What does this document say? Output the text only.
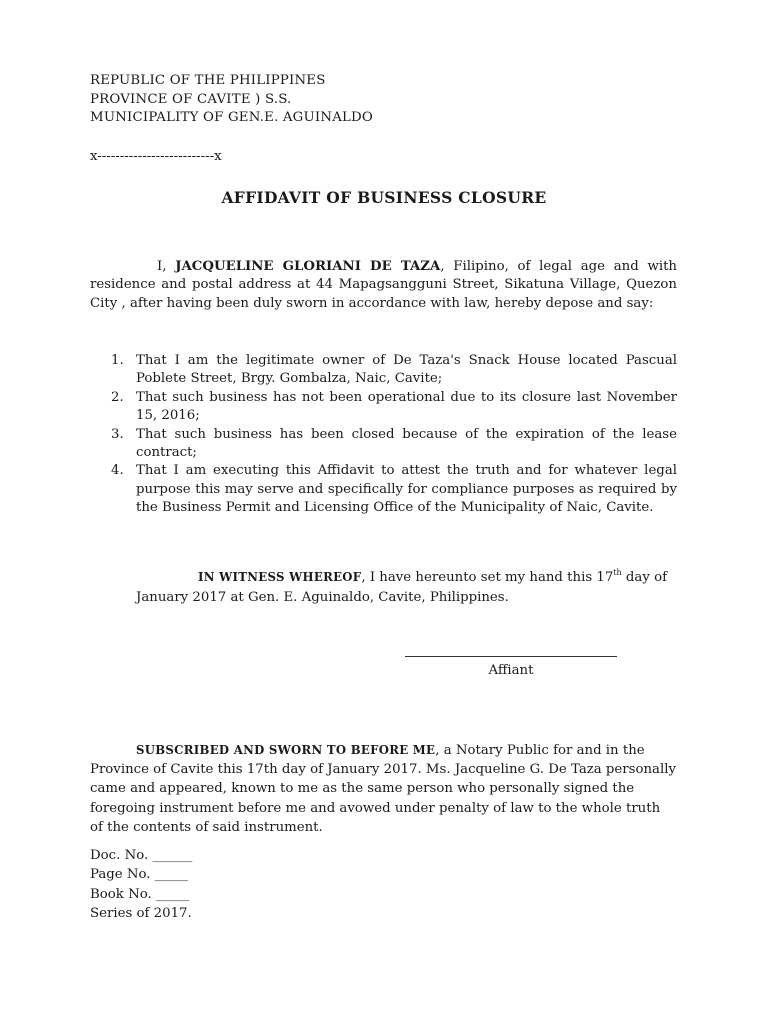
REPUBLIC OF THE PHILIPPINES
PROVINCE OF CAVITE ) S.S.
MUNICIPALITY OF GEN.E. AGUINALDO
x--------------------------x
AFFIDAVIT OF BUSINESS CLOSURE

I, JACQUELINE GLORIANI DE TAZA, Filipino, of legal age and with residence and postal address at 44 Mapagsangguni Street, Sikatuna Village, Quezon City , after having been duly sworn in accordance with law, hereby depose and say:

1. That I am the legitimate owner of De Taza's Snack House located Pascual Poblete Street, Brgy. Gombalza, Naic, Cavite;
2. That such business has not been operational due to its closure last November 15, 2016;
3. That such business has been closed because of the expiration of the lease contract;
4. That I am executing this Affidavit to attest the truth and for whatever legal purpose this may serve and specifically for compliance purposes as required by the Business Permit and Licensing Office of the Municipality of Naic, Cavite.

IN WITNESS WHEREOF, I have hereunto set my hand this 17th day of January 2017 at Gen. E. Aguinaldo, Cavite, Philippines.

Affiant

SUBSCRIBED AND SWORN TO BEFORE ME, a Notary Public for and in the Province of Cavite this 17th day of January 2017. Ms. Jacqueline G. De Taza personally came and appeared, known to me as the same person who personally signed the foregoing instrument before me and avowed under penalty of law to the whole truth of the contents of said instrument.

Doc. No. ______
Page No. _____
Book No. _____
Series of 2017.
